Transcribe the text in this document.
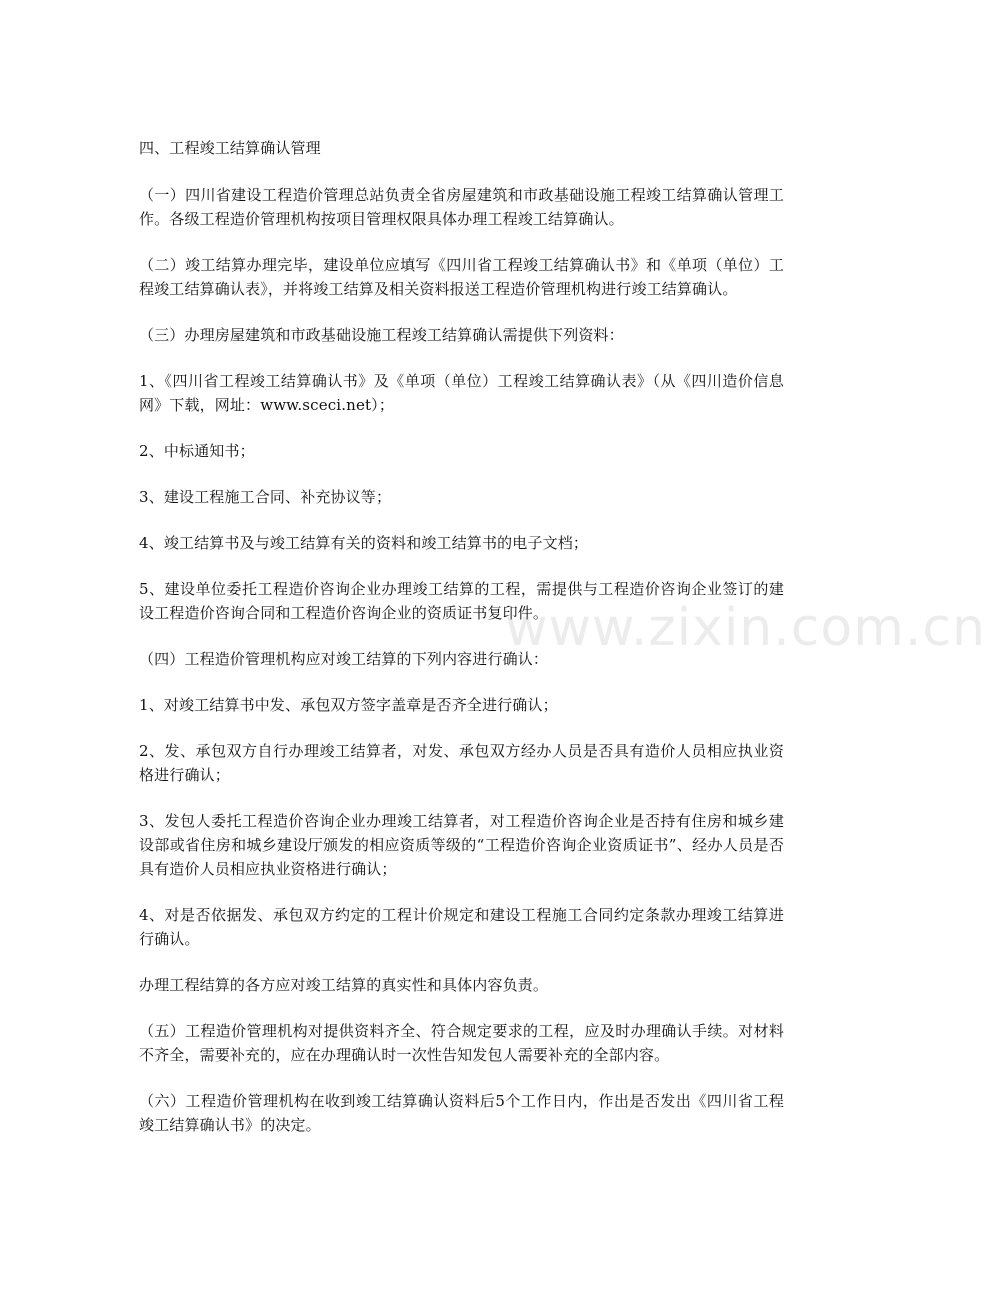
四、工程竣工结算确认管理

（一）四川省建设工程造价管理总站负责全省房屋建筑和市政基础设施工程竣工结算确认管理工作。各级工程造价管理机构按项目管理权限具体办理工程竣工结算确认。

（二）竣工结算办理完毕，建设单位应填写《四川省工程竣工结算确认书》和《单项（单位）工程竣工结算确认表》，并将竣工结算及相关资料报送工程造价管理机构进行竣工结算确认。

（三）办理房屋建筑和市政基础设施工程竣工结算确认需提供下列资料：

1、《四川省工程竣工结算确认书》及《单项（单位）工程竣工结算确认表》（从《四川造价信息网》下载，网址：www.sceci.net）；

2、中标通知书；

3、建设工程施工合同、补充协议等；

4、竣工结算书及与竣工结算有关的资料和竣工结算书的电子文档；

5、建设单位委托工程造价咨询企业办理竣工结算的工程，需提供与工程造价咨询企业签订的建设工程造价咨询合同和工程造价咨询企业的资质证书复印件。

（四）工程造价管理机构应对竣工结算的下列内容进行确认：

1、对竣工结算书中发、承包双方签字盖章是否齐全进行确认；

2、发、承包双方自行办理竣工结算者，对发、承包双方经办人员是否具有造价人员相应执业资格进行确认；

3、发包人委托工程造价咨询企业办理竣工结算者，对工程造价咨询企业是否持有住房和城乡建设部或省住房和城乡建设厅颁发的相应资质等级的“工程造价咨询企业资质证书”、经办人员是否具有造价人员相应执业资格进行确认；

4、对是否依据发、承包双方约定的工程计价规定和建设工程施工合同约定条款办理竣工结算进行确认。

办理工程结算的各方应对竣工结算的真实性和具体内容负责。

（五）工程造价管理机构对提供资料齐全、符合规定要求的工程，应及时办理确认手续。对材料不齐全，需要补充的，应在办理确认时一次性告知发包人需要补充的全部内容。

（六）工程造价管理机构在收到竣工结算确认资料后5个工作日内，作出是否发出《四川省工程竣工结算确认书》的决定。

www.zixin.com.cn
